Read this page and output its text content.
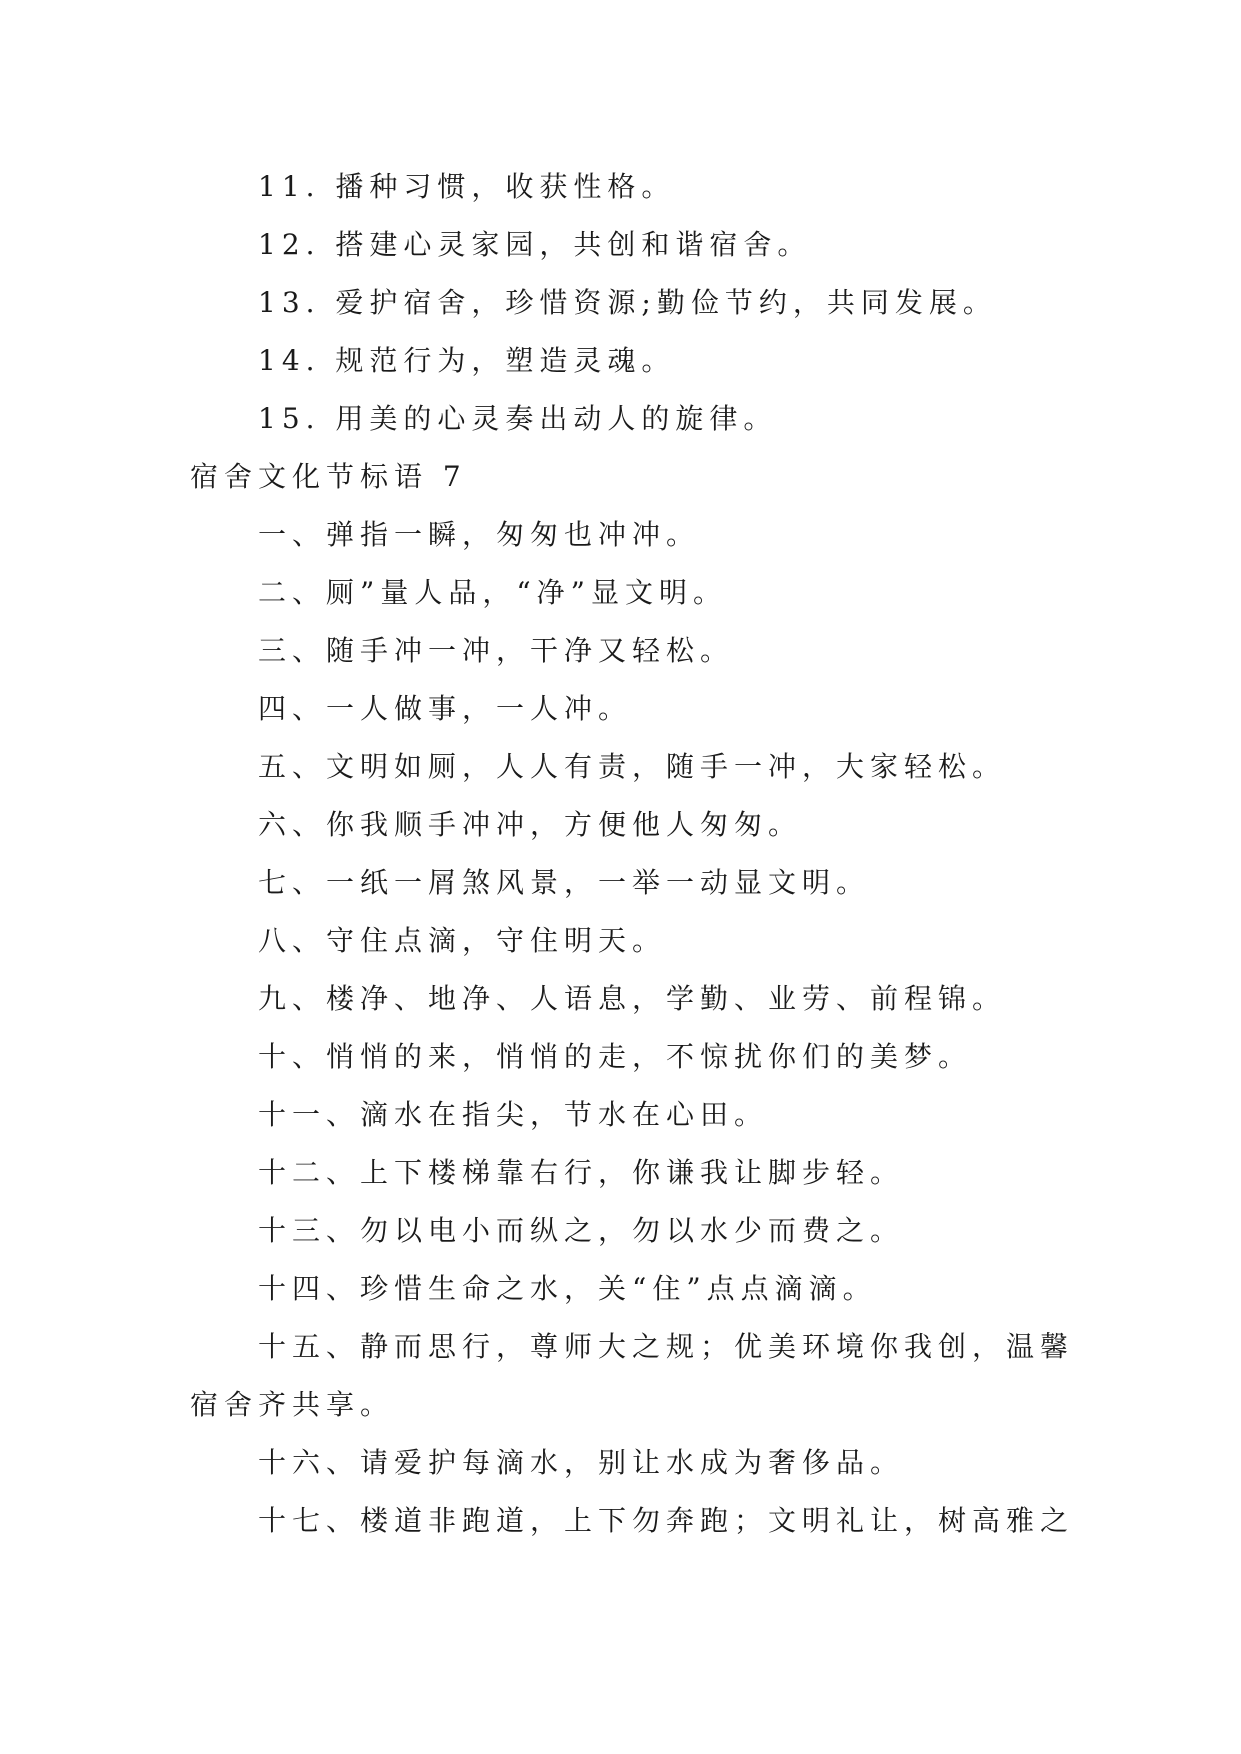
11. 播种习惯，收获性格。
12. 搭建心灵家园，共创和谐宿舍。
13. 爱护宿舍，珍惜资源;勤俭节约，共同发展。
14. 规范行为，塑造灵魂。
15. 用美的心灵奏出动人的旋律。
宿舍文化节标语 7
一、弹指一瞬，匆匆也冲冲。
二、厕”量人品，“净”显文明。
三、随手冲一冲，干净又轻松。
四、一人做事，一人冲。
五、文明如厕，人人有责，随手一冲，大家轻松。
六、你我顺手冲冲，方便他人匆匆。
七、一纸一屑煞风景，一举一动显文明。
八、守住点滴，守住明天。
九、楼净、地净、人语息，学勤、业劳、前程锦。
十、悄悄的来，悄悄的走，不惊扰你们的美梦。
十一、滴水在指尖，节水在心田。
十二、上下楼梯靠右行，你谦我让脚步轻。
十三、勿以电小而纵之，勿以水少而费之。
十四、珍惜生命之水，关“住”点点滴滴。
十五、静而思行，尊师大之规；优美环境你我创，温馨
宿舍齐共享。
十六、请爱护每滴水，别让水成为奢侈品。
十七、楼道非跑道，上下勿奔跑；文明礼让，树高雅之
